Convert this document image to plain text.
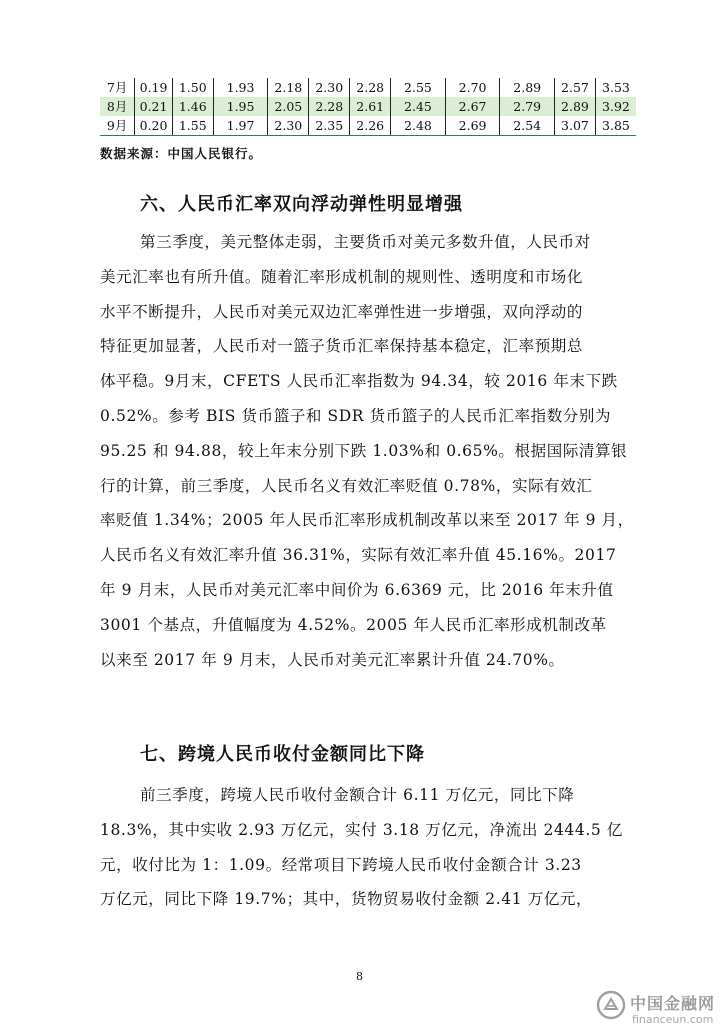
7月	0.19	1.50	1.93	2.18	2.30	2.28	2.55	2.70	2.89	2.57	3.53
8月	0.21	1.46	1.95	2.05	2.28	2.61	2.45	2.67	2.79	2.89	3.92
9月	0.20	1.55	1.97	2.30	2.35	2.26	2.48	2.69	2.54	3.07	3.85
数据来源：中国人民银行。
六、人民币汇率双向浮动弹性明显增强
第三季度，美元整体走弱，主要货币对美元多数升值，人民币对
美元汇率也有所升值。随着汇率形成机制的规则性、透明度和市场化
水平不断提升，人民币对美元双边汇率弹性进一步增强，双向浮动的
特征更加显著，人民币对一篮子货币汇率保持基本稳定，汇率预期总
体平稳。9月末，CFETS 人民币汇率指数为 94.34，较 2016 年末下跌
0.52%。参考 BIS 货币篮子和 SDR 货币篮子的人民币汇率指数分别为
95.25 和 94.88，较上年末分别下跌 1.03%和 0.65%。根据国际清算银
行的计算，前三季度，人民币名义有效汇率贬值 0.78%，实际有效汇
率贬值 1.34%；2005 年人民币汇率形成机制改革以来至 2017 年 9 月，
人民币名义有效汇率升值 36.31%，实际有效汇率升值 45.16%。2017
年 9 月末，人民币对美元汇率中间价为 6.6369 元，比 2016 年末升值
3001 个基点，升值幅度为 4.52%。2005 年人民币汇率形成机制改革
以来至 2017 年 9 月末，人民币对美元汇率累计升值 24.70%。
七、跨境人民币收付金额同比下降
前三季度，跨境人民币收付金额合计 6.11 万亿元，同比下降
18.3%，其中实收 2.93 万亿元，实付 3.18 万亿元，净流出 2444.5 亿
元，收付比为 1：1.09。经常项目下跨境人民币收付金额合计 3.23
万亿元，同比下降 19.7%；其中，货物贸易收付金额 2.41 万亿元，
8
中国金融网
financeun.com
